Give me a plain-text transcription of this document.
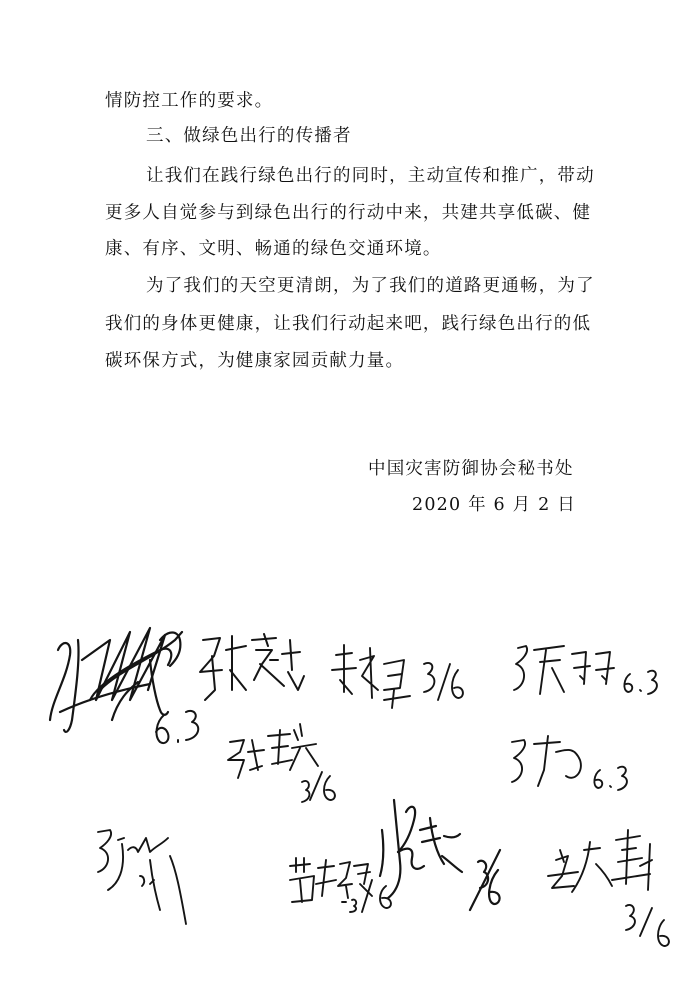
情防控工作的要求。
三、做绿色出行的传播者
让我们在践行绿色出行的同时，主动宣传和推广，带动
更多人自觉参与到绿色出行的行动中来，共建共享低碳、健
康、有序、文明、畅通的绿色交通环境。
为了我们的天空更清朗，为了我们的道路更通畅，为了
我们的身体更健康，让我们行动起来吧，践行绿色出行的低
碳环保方式，为健康家园贡献力量。
中国灾害防御协会秘书处
2020 年 6 月 2 日
